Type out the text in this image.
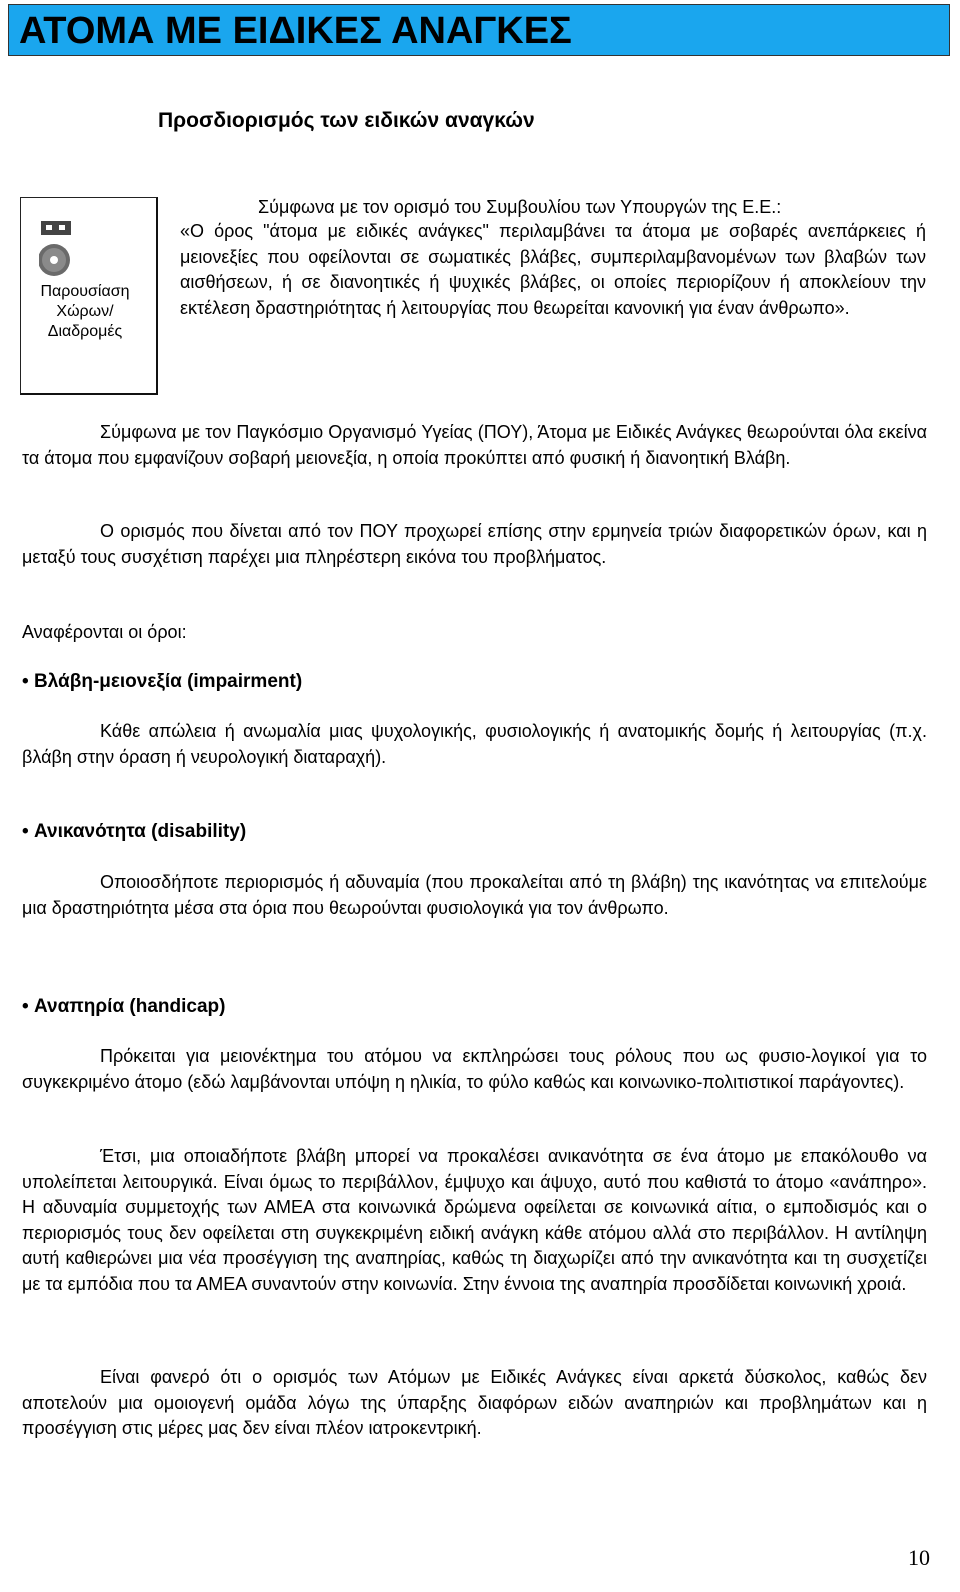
ΑΤΟΜΑ ΜΕ ΕΙΔΙΚΕΣ ΑΝΑΓΚΕΣ
Προσδιορισμός των ειδικών αναγκών
Παρουσίαση
Χώρων/
Διαδρομές
Σύμφωνα με τον ορισμό του Συμβουλίου των Υπουργών της Ε.Ε.:
«Ο όρος "άτομα με ειδικές ανάγκες" περιλαμβάνει τα άτομα με σοβαρές ανεπάρκειες ή μειονεξίες που οφείλονται σε σωματικές βλάβες, συμπεριλαμβανομένων των βλαβών των αισθήσεων, ή σε διανοητικές ή ψυχικές βλάβες, οι οποίες περιορίζουν ή αποκλείουν την εκτέλεση δραστηριότητας ή λειτουργίας που θεωρείται κανονική για έναν άνθρωπο».
Σύμφωνα με τον Παγκόσμιο Οργανισμό Υγείας (ΠΟΥ), Άτομα με Ειδικές Ανάγκες θεωρούνται όλα εκείνα τα άτομα που εμφανίζουν σοβαρή μειονεξία, η οποία προκύπτει από φυσική ή διανοητική Βλάβη.
Ο ορισμός που δίνεται από τον ΠΟΥ προχωρεί επίσης στην ερμηνεία τριών διαφορετικών όρων, και η μεταξύ τους συσχέτιση παρέχει μια πληρέστερη εικόνα του προβλήματος.
Αναφέρονται οι όροι:
• Βλάβη-μειονεξία (impairment)
Κάθε απώλεια ή ανωμαλία μιας ψυχολογικής, φυσιολογικής ή ανατομικής δομής ή λειτουργίας (π.χ. βλάβη στην όραση ή νευρολογική διαταραχή).
• Ανικανότητα (disability)
Οποιοσδήποτε περιορισμός ή αδυναμία (που προκαλείται από τη βλάβη) της ικανότητας να επιτελούμε μια δραστηριότητα μέσα στα όρια που θεωρούνται φυσιολογικά για τον άνθρωπο.
• Αναπηρία (handicap)
Πρόκειται για μειονέκτημα του ατόμου να εκπληρώσει τους ρόλους που ως φυσιο-λογικοί για το συγκεκριμένο άτομο (εδώ λαμβάνονται υπόψη η ηλικία, το φύλο καθώς και κοινωνικο-πολιτιστικοί παράγοντες).
Έτσι, μια οποιαδήποτε βλάβη μπορεί να προκαλέσει ανικανότητα σε ένα άτομο με επακόλουθο να υπολείπεται λειτουργικά. Είναι όμως το περιβάλλον, έμψυχο και άψυχο, αυτό που καθιστά το άτομο «ανάπηρο». Η αδυναμία συμμετοχής των ΑΜΕΑ στα κοινωνικά δρώμενα οφείλεται σε κοινωνικά αίτια, ο εμποδισμός και ο περιορισμός τους δεν οφείλεται στη συγκεκριμένη ειδική ανάγκη κάθε ατόμου αλλά στο περιβάλλον. Η αντίληψη αυτή καθιερώνει μια νέα προσέγγιση της αναπηρίας, καθώς τη διαχωρίζει από την ανικανότητα και τη συσχετίζει με τα εμπόδια που τα ΑΜΕΑ συναντούν στην κοινωνία. Στην έννοια της αναπηρία προσδίδεται κοινωνική χροιά.
Είναι φανερό ότι ο ορισμός των Ατόμων με Ειδικές Ανάγκες είναι αρκετά δύσκολος, καθώς δεν αποτελούν μια ομοιογενή ομάδα λόγω της ύπαρξης διαφόρων ειδών αναπηριών και προβλημάτων και η προσέγγιση στις μέρες μας δεν είναι πλέον ιατροκεντρική.
10
